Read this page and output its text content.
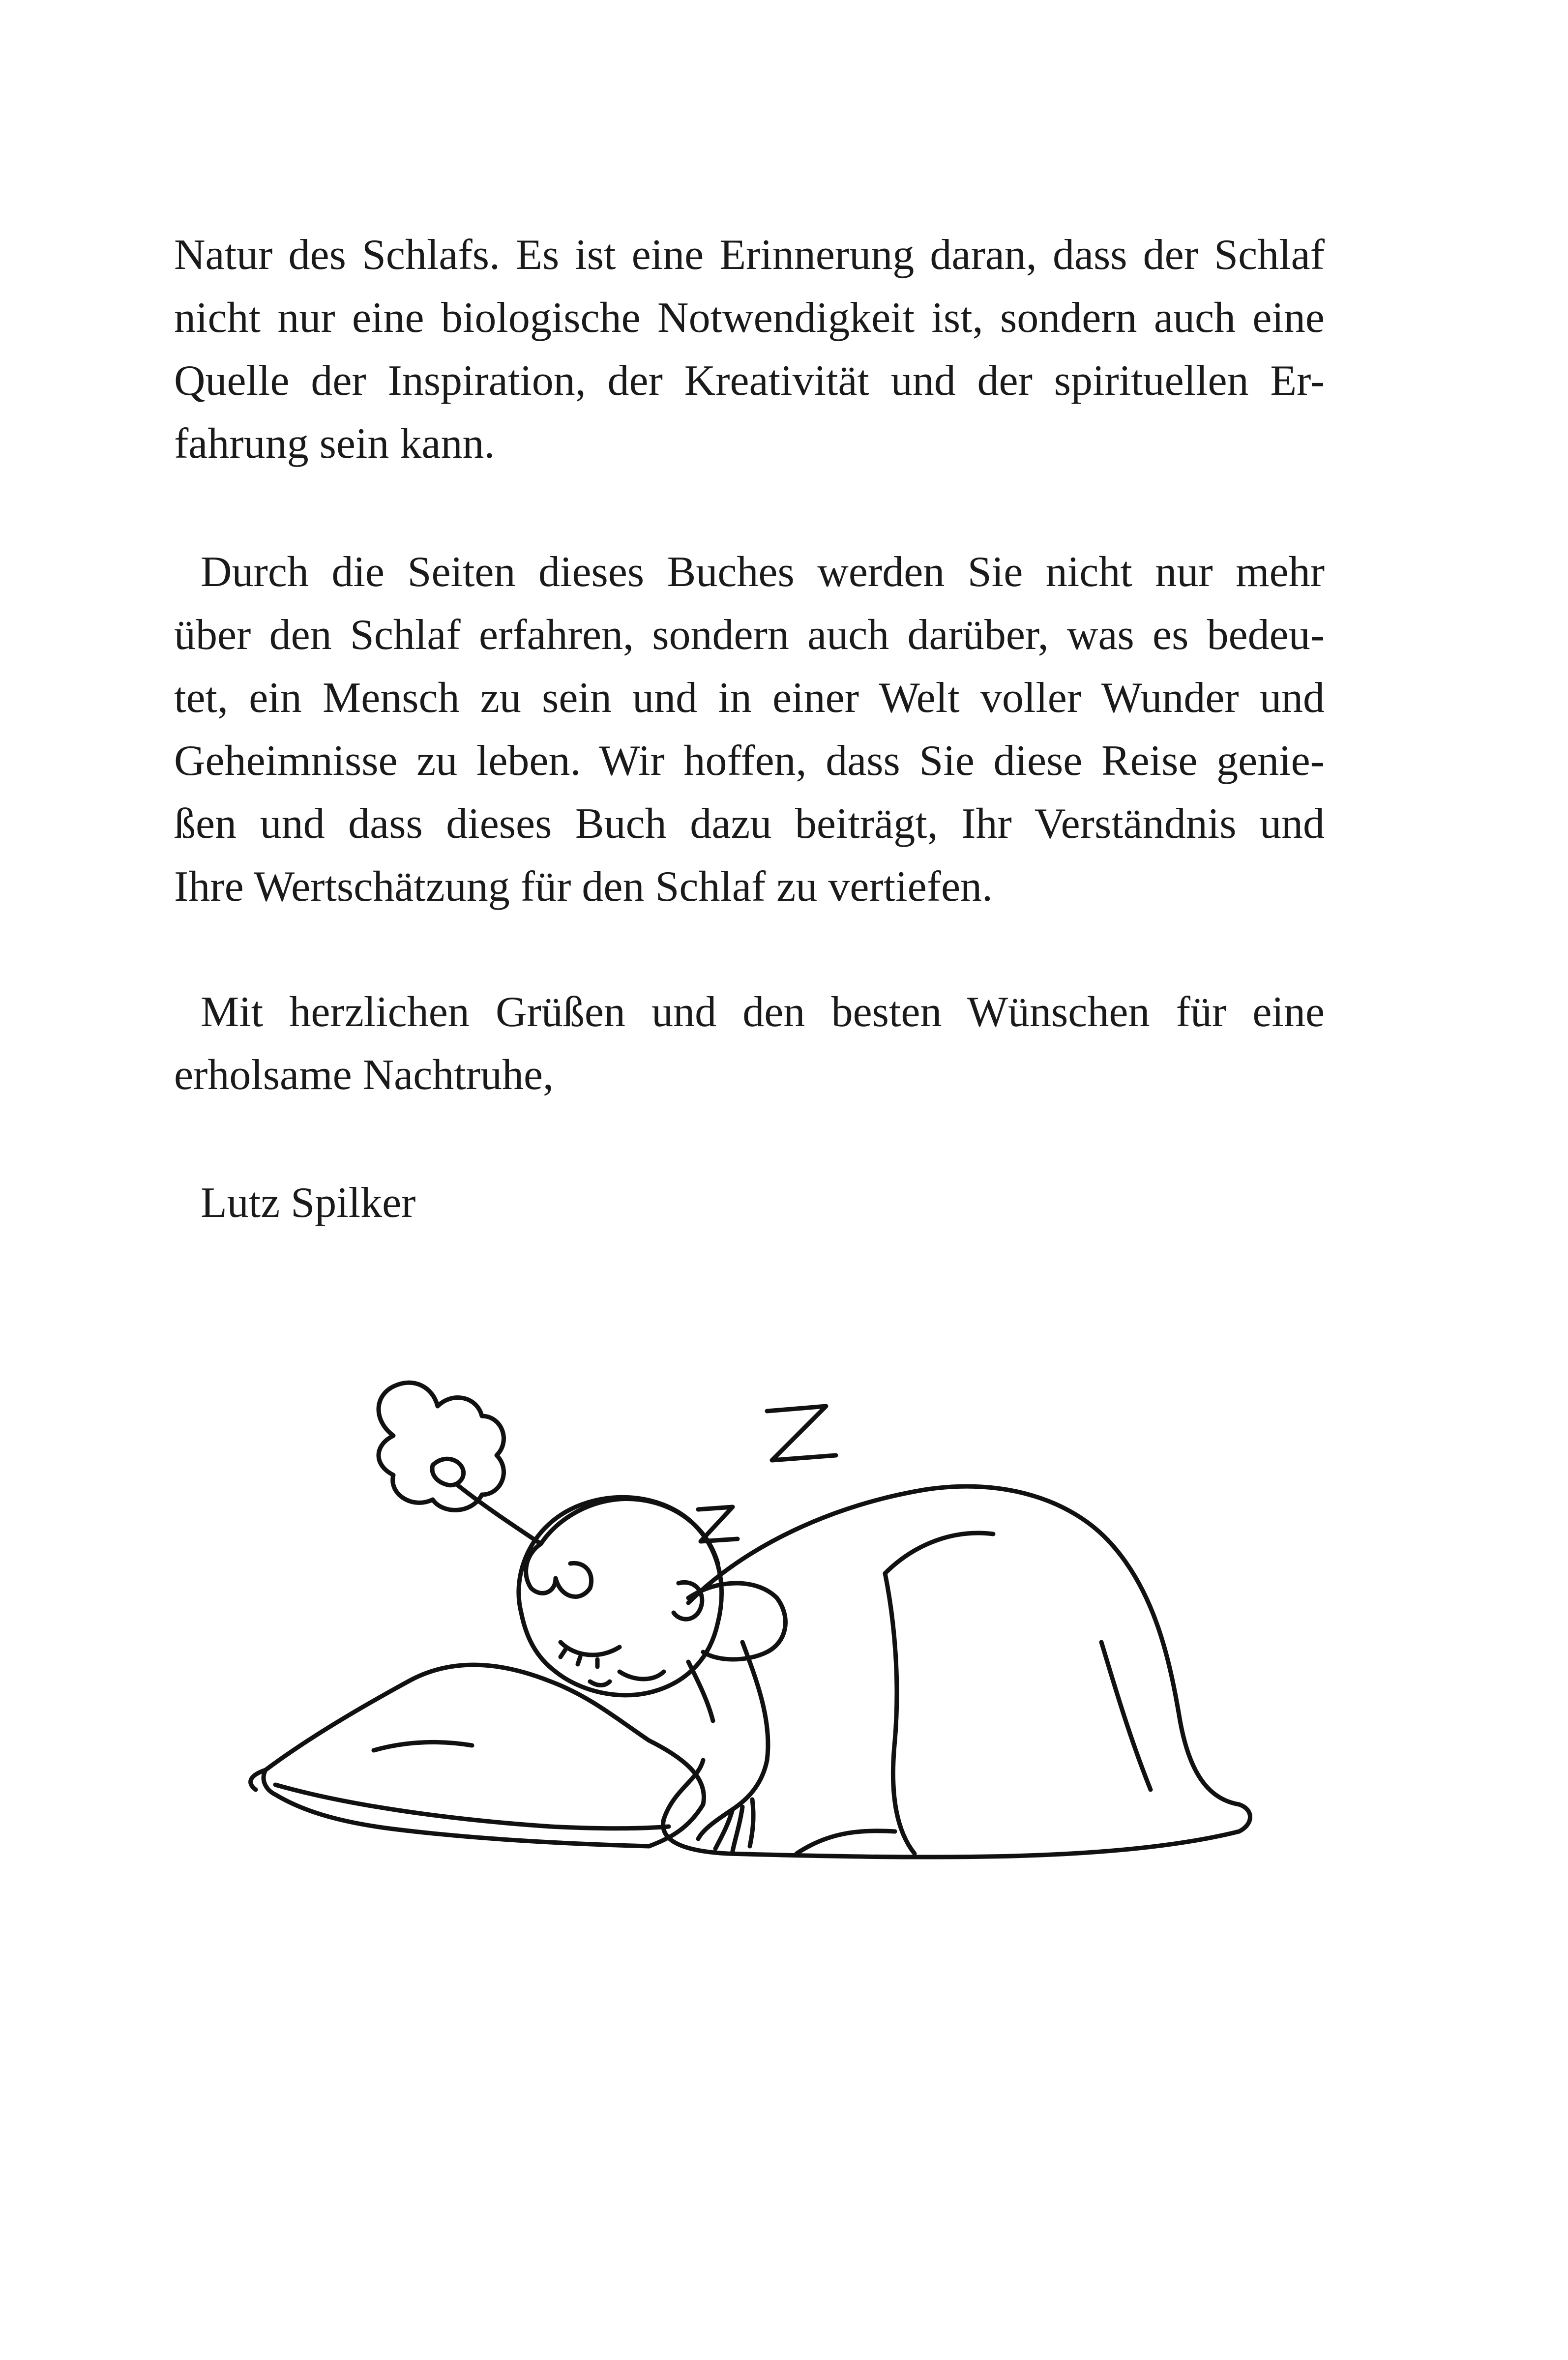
Natur des Schlafs. Es ist eine Erinnerung daran, dass der Schlaf
nicht nur eine biologische Notwendigkeit ist, sondern auch eine
Quelle der Inspiration, der Kreativität und der spirituellen Er-
fahrung sein kann.
Durch die Seiten dieses Buches werden Sie nicht nur mehr
über den Schlaf erfahren, sondern auch darüber, was es bedeu-
tet, ein Mensch zu sein und in einer Welt voller Wunder und
Geheimnisse zu leben. Wir hoffen, dass Sie diese Reise genie-
ßen und dass dieses Buch dazu beiträgt, Ihr Verständnis und
Ihre Wertschätzung für den Schlaf zu vertiefen.
Mit herzlichen Grüßen und den besten Wünschen für eine
erholsame Nachtruhe,
Lutz Spilker
